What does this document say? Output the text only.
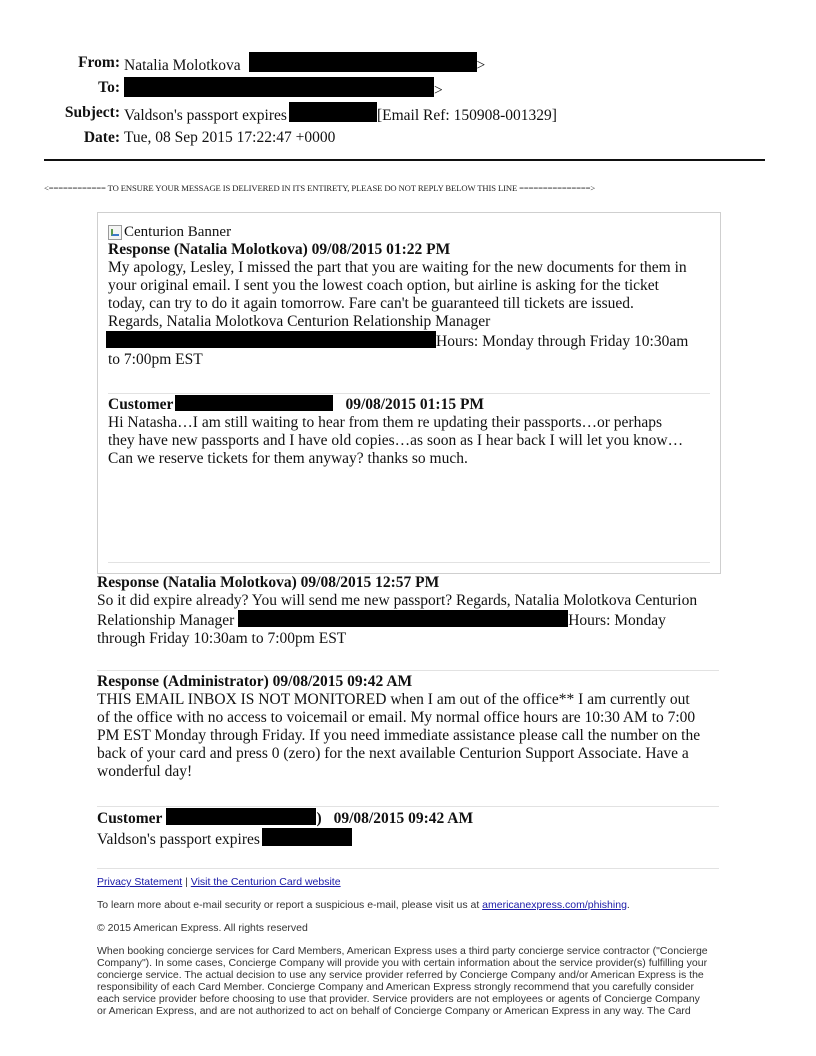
From: Natalia Molotkova	>
To:	>
Subject: Valdson's passport expires	[Email Ref: 150908-001329]
Date: Tue, 08 Sep 2015 17:22:47 +0000
<============ TO ENSURE YOUR MESSAGE IS DELIVERED IN ITS ENTIRETY, PLEASE DO NOT REPLY BELOW THIS LINE ===============>
Centurion Banner
Response (Natalia Molotkova) 09/08/2015 01:22 PM
My apology, Lesley, I missed the part that you are waiting for the new documents for them in
your original email. I sent you the lowest coach option, but airline is asking for the ticket
today, can try to do it again tomorrow. Fare can't be guaranteed till tickets are issued.
Regards, Natalia Molotkova Centurion Relationship Manager
Hours: Monday through Friday 10:30am
to 7:00pm EST
Customer	09/08/2015 01:15 PM
Hi Natasha…I am still waiting to hear from them re updating their passports…or perhaps
they have new passports and I have old copies…as soon as I hear back I will let you know…
Can we reserve tickets for them anyway? thanks so much.
Response (Natalia Molotkova) 09/08/2015 12:57 PM
So it did expire already? You will send me new passport? Regards, Natalia Molotkova Centurion
Relationship Manager	Hours: Monday
through Friday 10:30am to 7:00pm EST
Response (Administrator) 09/08/2015 09:42 AM
THIS EMAIL INBOX IS NOT MONITORED when I am out of the office** I am currently out
of the office with no access to voicemail or email. My normal office hours are 10:30 AM to 7:00
PM EST Monday through Friday. If you need immediate assistance please call the number on the
back of your card and press 0 (zero) for the next available Centurion Support Associate. Have a
wonderful day!
Customer	) 09/08/2015 09:42 AM
Valdson's passport expires
Privacy Statement | Visit the Centurion Card website
To learn more about e-mail security or report a suspicious e-mail, please visit us at americanexpress.com/phishing.
© 2015 American Express. All rights reserved
When booking concierge services for Card Members, American Express uses a third party concierge service contractor ("Concierge
Company"). In some cases, Concierge Company will provide you with certain information about the service provider(s) fulfilling your
concierge service. The actual decision to use any service provider referred by Concierge Company and/or American Express is the
responsibility of each Card Member. Concierge Company and American Express strongly recommend that you carefully consider
each service provider before choosing to use that provider. Service providers are not employees or agents of Concierge Company
or American Express, and are not authorized to act on behalf of Concierge Company or American Express in any way. The Card
